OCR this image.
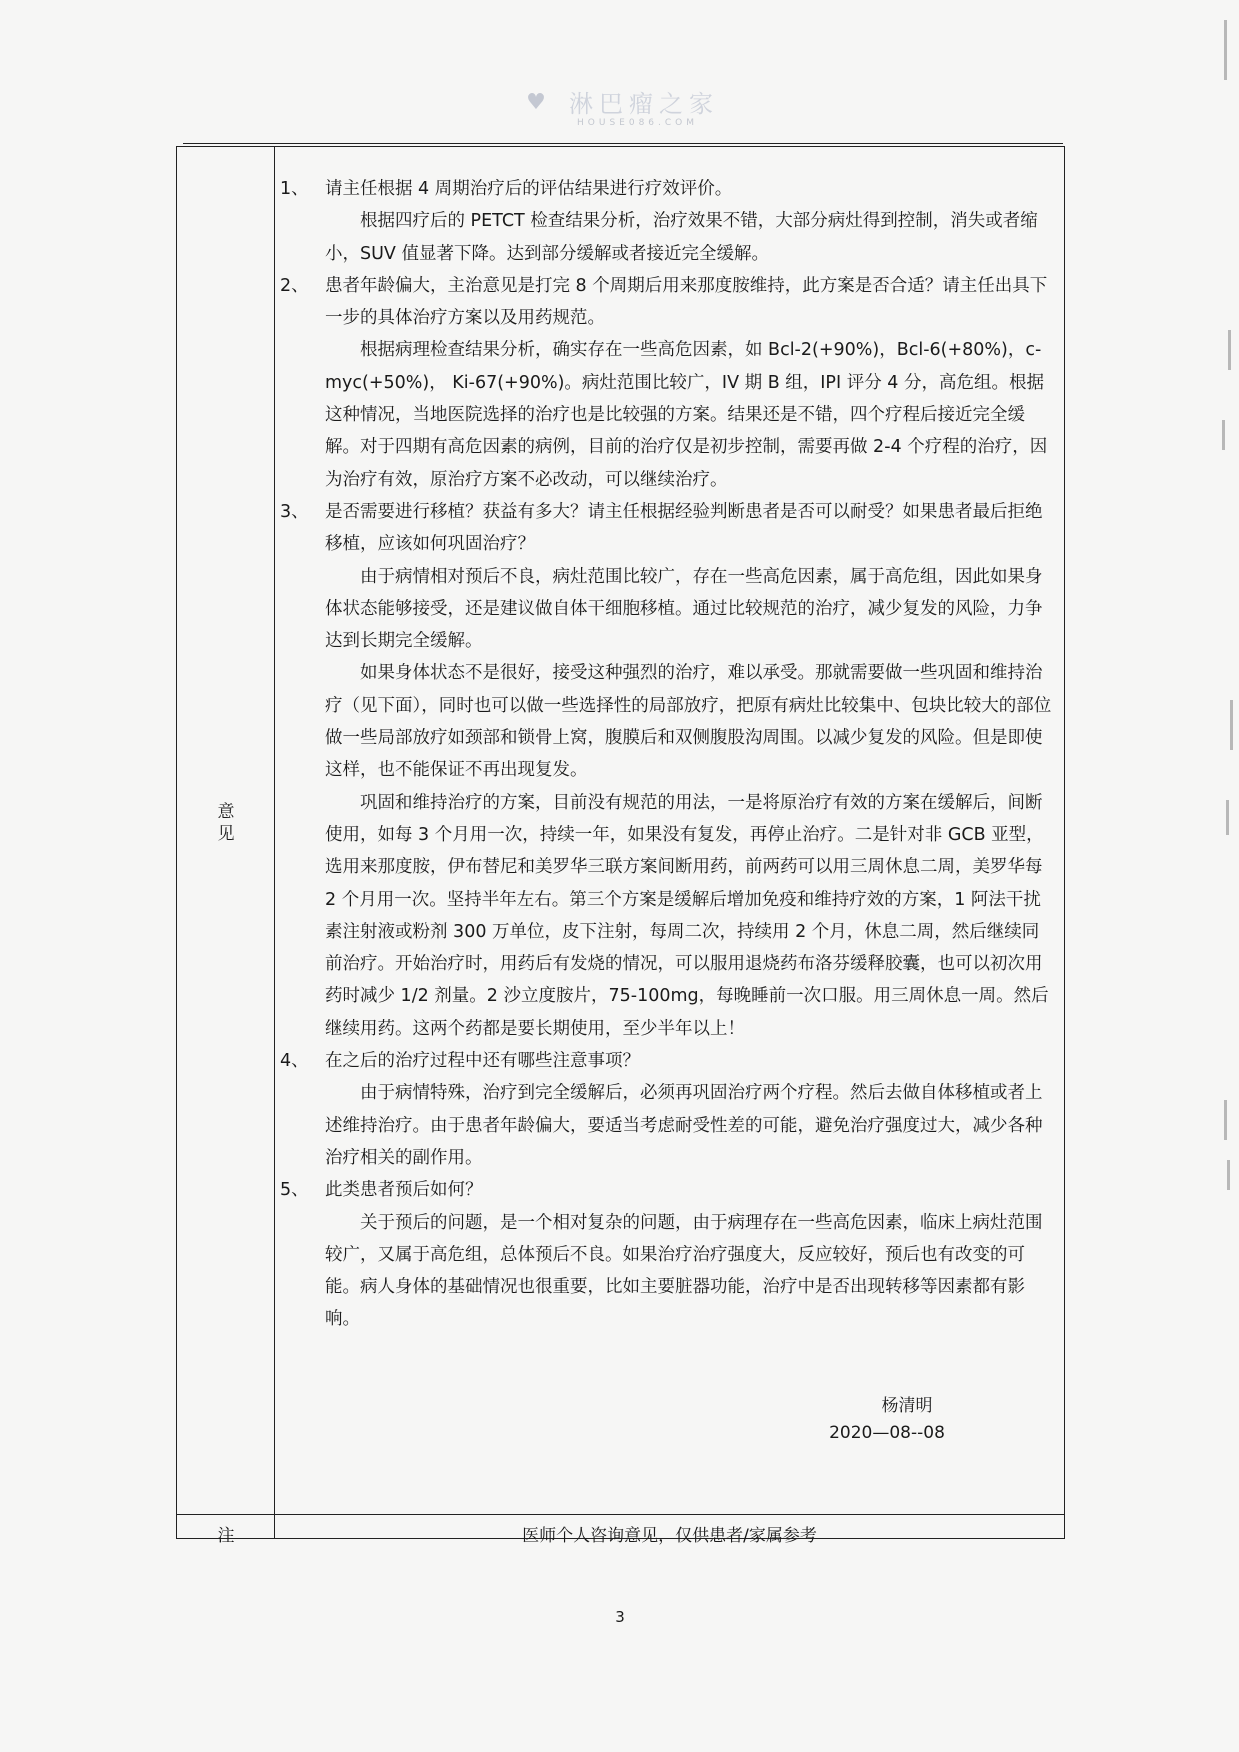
♥ 淋巴瘤之家
HOUSE086.COM
意见
1、 请主任根据 4 周期治疗后的评估结果进行疗效评价。
根据四疗后的 PETCT 检查结果分析，治疗效果不错，大部分病灶得到控制，消失或者缩小，SUV 值显著下降。达到部分缓解或者接近完全缓解。
2、 患者年龄偏大，主治意见是打完 8 个周期后用来那度胺维持，此方案是否合适？请主任出具下一步的具体治疗方案以及用药规范。
根据病理检查结果分析，确实存在一些高危因素，如 Bcl-2(+90%)，Bcl-6(+80%)，c-myc(+50%)， Ki-67(+90%)。病灶范围比较广，IV 期 B 组，IPI 评分 4 分，高危组。根据这种情况，当地医院选择的治疗也是比较强的方案。结果还是不错，四个疗程后接近完全缓解。对于四期有高危因素的病例，目前的治疗仅是初步控制，需要再做 2-4 个疗程的治疗，因为治疗有效，原治疗方案不必改动，可以继续治疗。
3、 是否需要进行移植？获益有多大？请主任根据经验判断患者是否可以耐受？如果患者最后拒绝移植，应该如何巩固治疗？
由于病情相对预后不良，病灶范围比较广，存在一些高危因素，属于高危组，因此如果身体状态能够接受，还是建议做自体干细胞移植。通过比较规范的治疗，减少复发的风险，力争达到长期完全缓解。
如果身体状态不是很好，接受这种强烈的治疗，难以承受。那就需要做一些巩固和维持治疗（见下面），同时也可以做一些选择性的局部放疗，把原有病灶比较集中、包块比较大的部位做一些局部放疗如颈部和锁骨上窝，腹膜后和双侧腹股沟周围。以减少复发的风险。但是即使这样，也不能保证不再出现复发。
巩固和维持治疗的方案，目前没有规范的用法，一是将原治疗有效的方案在缓解后，间断使用，如每 3 个月用一次，持续一年，如果没有复发，再停止治疗。二是针对非 GCB 亚型，选用来那度胺，伊布替尼和美罗华三联方案间断用药，前两药可以用三周休息二周，美罗华每 2 个月用一次。坚持半年左右。第三个方案是缓解后增加免疫和维持疗效的方案，1 阿法干扰素注射液或粉剂 300 万单位，皮下注射，每周二次，持续用 2 个月，休息二周，然后继续同前治疗。开始治疗时，用药后有发烧的情况，可以服用退烧药布洛芬缓释胶囊，也可以初次用药时减少 1/2 剂量。2 沙立度胺片，75-100mg，每晚睡前一次口服。用三周休息一周。然后继续用药。这两个药都是要长期使用，至少半年以上！
4、 在之后的治疗过程中还有哪些注意事项？
由于病情特殊，治疗到完全缓解后，必须再巩固治疗两个疗程。然后去做自体移植或者上述维持治疗。由于患者年龄偏大，要适当考虑耐受性差的可能，避免治疗强度过大，减少各种治疗相关的副作用。
5、 此类患者预后如何？
关于预后的问题，是一个相对复杂的问题，由于病理存在一些高危因素，临床上病灶范围较广，又属于高危组，总体预后不良。如果治疗治疗强度大，反应较好，预后也有改变的可能。病人身体的基础情况也很重要，比如主要脏器功能，治疗中是否出现转移等因素都有影响。
杨清明
2020—08--08
注	医师个人咨询意见，仅供患者/家属参考
3
